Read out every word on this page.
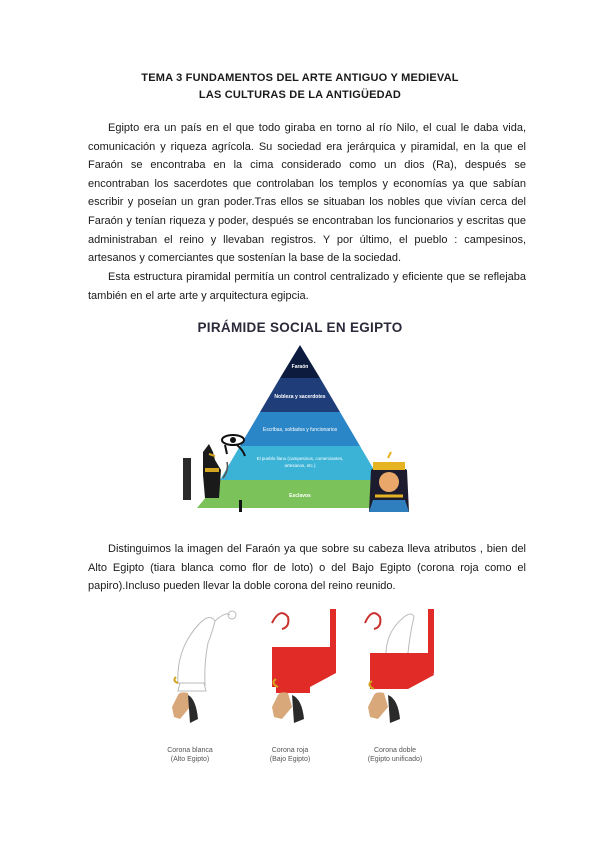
TEMA 3 FUNDAMENTOS DEL ARTE ANTIGUO Y MEDIEVAL
LAS CULTURAS DE LA ANTIGÜEDAD

Egipto era un país en el que todo giraba en torno al río Nilo, el cual le daba vida, comunicación y riqueza agrícola. Su sociedad era jerárquica y piramidal, en la que el Faraón se encontraba en la cima considerado como un dios (Ra), después se encontraban los sacerdotes que controlaban los templos y economías ya que sabían escribir y poseían un gran poder.Tras ellos se situaban los nobles que vivían cerca del Faraón y tenían riqueza y poder, después se encontraban los funcionarios y escritas que administraban el reino y llevaban registros. Y por último, el pueblo : campesinos, artesanos y comerciantes que sostenían la base de la sociedad.

Esta estructura piramidal permitía un control centralizado y eficiente que se reflejaba también en el arte arte y arquitectura egipcia.

PIRÁMIDE SOCIAL EN EGIPTO
Faraón
Nobleza y sacerdotes
Escribas, soldados y funcionarios
El pueblo llano (campesinos, comerciantes,
artesanos, etc.)
Esclavos

Distinguimos la imagen del Faraón ya que sobre su cabeza lleva atributos , bien del Alto Egipto (tiara blanca como flor de loto) o del Bajo Egipto (corona roja como el papiro).Incluso pueden llevar la doble corona del reino reunido.

Corona blanca
(Alto Egipto)
Corona roja
(Bajo Egipto)
Corona doble
(Egipto unificado)
